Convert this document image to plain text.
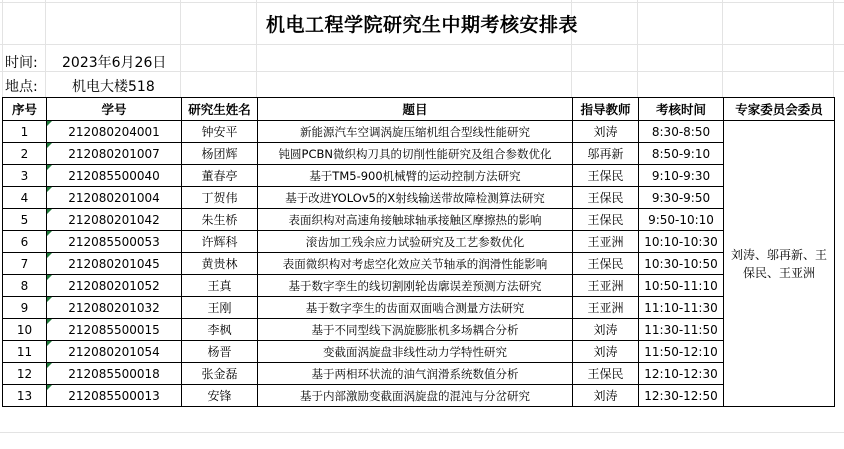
机电工程学院研究生中期考核安排表
时间: 2023年6月26日
地点: 机电大楼518
序号	学号	研究生姓名	题目	指导教师	考核时间	专家委员会委员
1	212080204001	钟安平	新能源汽车空调涡旋压缩机组合型线性能研究	刘涛	8:30-8:50	刘涛、邬再新、王保民、王亚洲
2	212080201007	杨团辉	钝圆PCBN微织构刀具的切削性能研究及组合参数优化	邬再新	8:50-9:10	
3	212085500040	董春亭	基于TM5-900机械臂的运动控制方法研究	王保民	9:10-9:30	
4	212080201004	丁贺伟	基于改进YOLOv5的X射线输送带故障检测算法研究	王保民	9:30-9:50	
5	212080201042	朱生桥	表面织构对高速角接触球轴承接触区摩擦热的影响	王保民	9:50-10:10	
6	212085500053	许辉科	滚齿加工残余应力试验研究及工艺参数优化	王亚洲	10:10-10:30	
7	212080201045	黄贵林	表面微织构对考虑空化效应关节轴承的润滑性能影响	王保民	10:30-10:50	
8	212080201052	王真	基于数字孪生的线切割刚轮齿廓误差预测方法研究	王亚洲	10:50-11:10	
9	212080201032	王刚	基于数字孪生的齿面双面啮合测量方法研究	王亚洲	11:10-11:30	
10	212085500015	李枫	基于不同型线下涡旋膨胀机多场耦合分析	刘涛	11:30-11:50	
11	212080201054	杨晋	变截面涡旋盘非线性动力学特性研究	刘涛	11:50-12:10	
12	212085500018	张金磊	基于两相环状流的油气润滑系统数值分析	王保民	12:10-12:30	
13	212085500013	安锋	基于内部激励变截面涡旋盘的混沌与分岔研究	刘涛	12:30-12:50	
